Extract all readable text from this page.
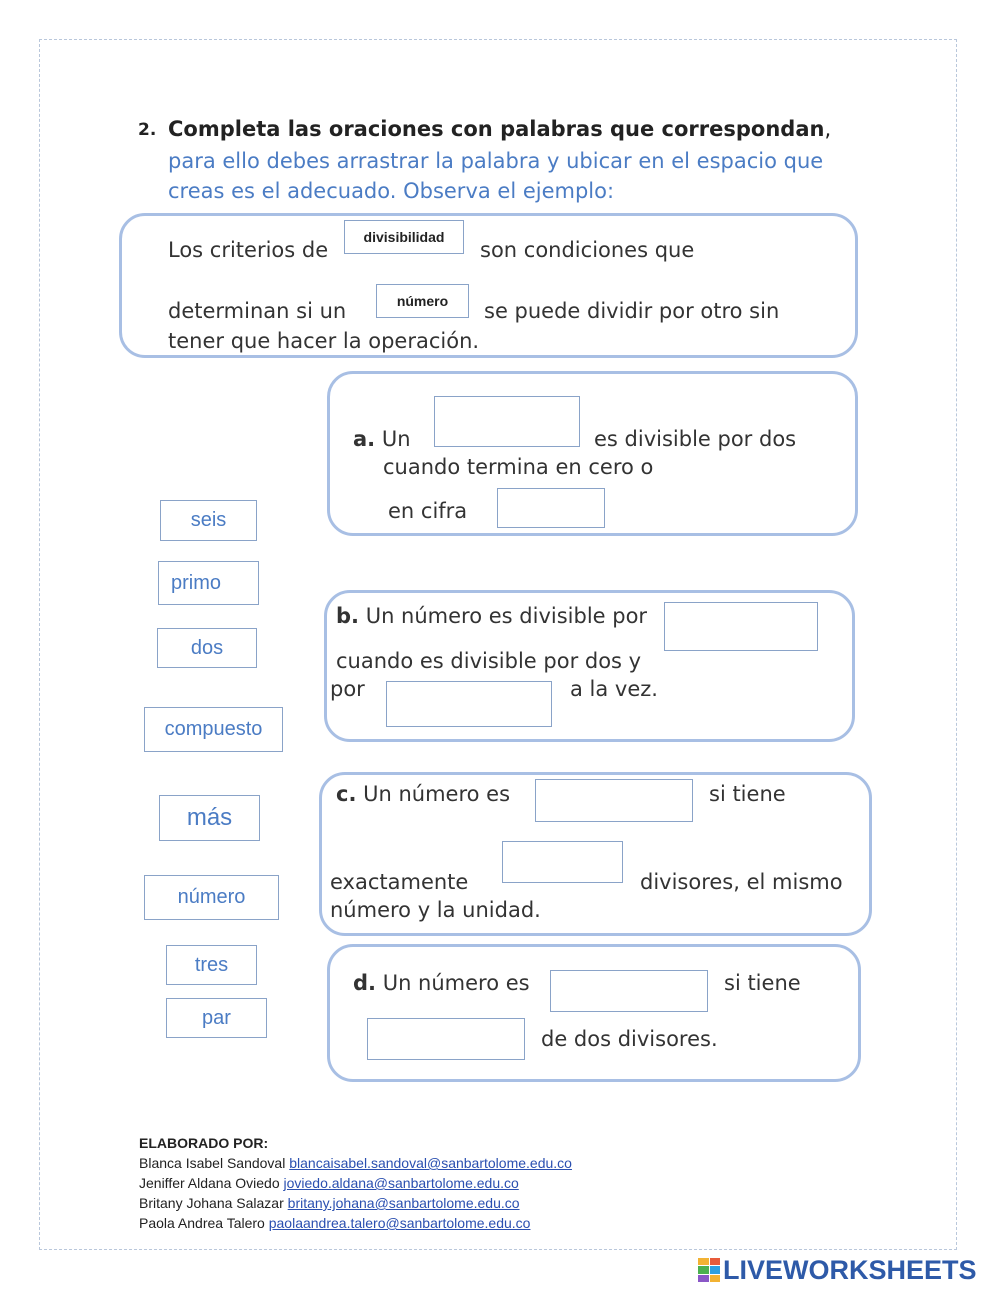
2. Completa las oraciones con palabras que correspondan,
para ello debes arrastrar la palabra y ubicar en el espacio que creas es el adecuado. Observa el ejemplo:
Los criterios de
divisibilidad
son condiciones que
determinan si un	número	se puede dividir por otro sin
tener que hacer la operación.
a. Un	es divisible por dos
cuando termina en cero o
en cifra
b. Un número es divisible por
cuando es divisible por dos y
por	a la vez.
c. Un número es	si tiene
exactamente	divisores, el mismo
número y la unidad.
d. Un número es	si tiene
de dos divisores.
seis
primo
dos
compuesto
más
número
tres
par
ELABORADO POR:
Blanca Isabel Sandoval blancaisabel.sandoval@sanbartolome.edu.co
Jeniffer Aldana Oviedo joviedo.aldana@sanbartolome.edu.co
Britany Johana Salazar britany.johana@sanbartolome.edu.co
Paola Andrea Talero paolaandrea.talero@sanbartolome.edu.co
LIVEWORKSHEETS
